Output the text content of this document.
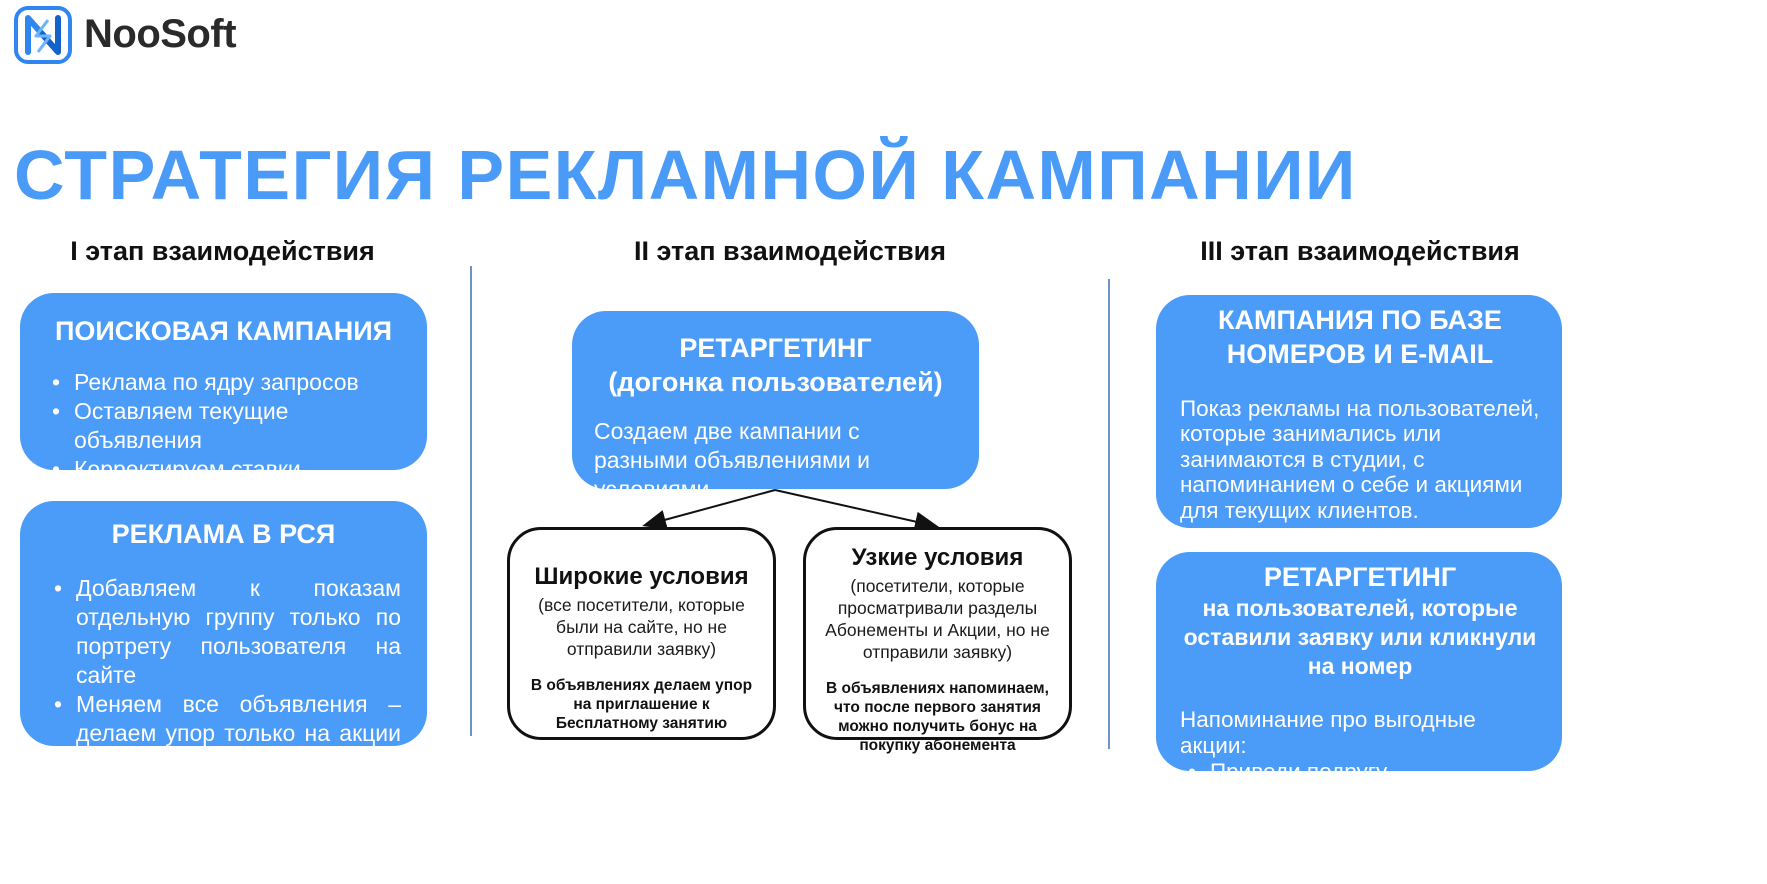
NooSoft
СТРАТЕГИЯ РЕКЛАМНОЙ КАМПАНИИ
I этап взаимодействия	II этап взаимодействия	III этап взаимодействия
ПОИСКОВАЯ КАМПАНИЯ
• Реклама по ядру запросов
• Оставляем текущие объявления
• Корректируем ставки
РЕКЛАМА В РСЯ
• Добавляем к показам отдельную группу только по портрету пользователя на сайте
• Меняем все объявления – делаем упор только на акции для привлечения внимания
РЕТАРГЕТИНГ
(догонка пользователей)

Создаем две кампании с разными объявлениями и условиями

Широкие условия

(все посетители, которые были на сайте, но не отправили заявку)

В объявлениях делаем упор на приглашение к Бесплатному занятию

Узкие условия

(посетители, которые просматривали разделы Абонементы и Акции, но не отправили заявку)

В объявлениях напоминаем, что после первого занятия можно получить бонус на покупку абонемента

КАМПАНИЯ ПО БАЗЕ НОМЕРОВ И E-MAIL

Показ рекламы на пользователей, которые занимались или занимаются в студии, с напоминанием о себе и акциями для текущих клиентов.

РЕТАРГЕТИНГ

на пользователей, которые оставили заявку или кликнули на номер

Напоминание про выгодные акции:

• Приведи подругу
• Оставь отзыв
